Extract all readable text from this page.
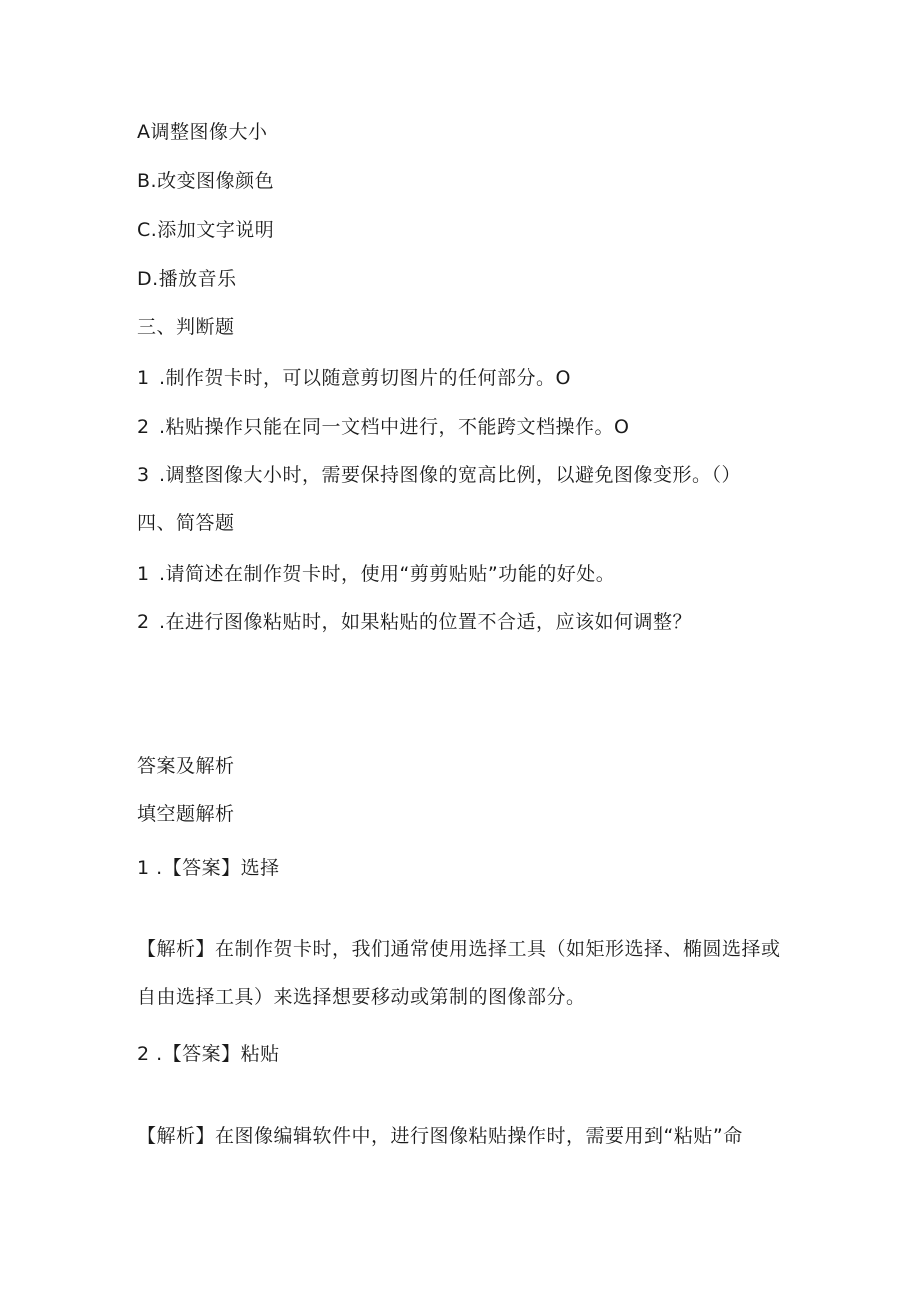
A调整图像大小
B.改变图像颜色
C.添加文字说明
D.播放音乐
三、判断题
1 .制作贺卡时，可以随意剪切图片的任何部分。O
2 .粘贴操作只能在同一文档中进行，不能跨文档操作。O
3 .调整图像大小时，需要保持图像的宽高比例，以避免图像变形。（）
四、简答题
1 .请简述在制作贺卡时，使用“剪剪贴贴”功能的好处。
2 .在进行图像粘贴时，如果粘贴的位置不合适，应该如何调整？
答案及解析
填空题解析
1 .【答案】选择
【解析】在制作贺卡时，我们通常使用选择工具（如矩形选择、椭圆选择或自由选择工具）来选择想要移动或第制的图像部分。
2 .【答案】粘贴
【解析】在图像编辑软件中，进行图像粘贴操作时，需要用到“粘贴”命
